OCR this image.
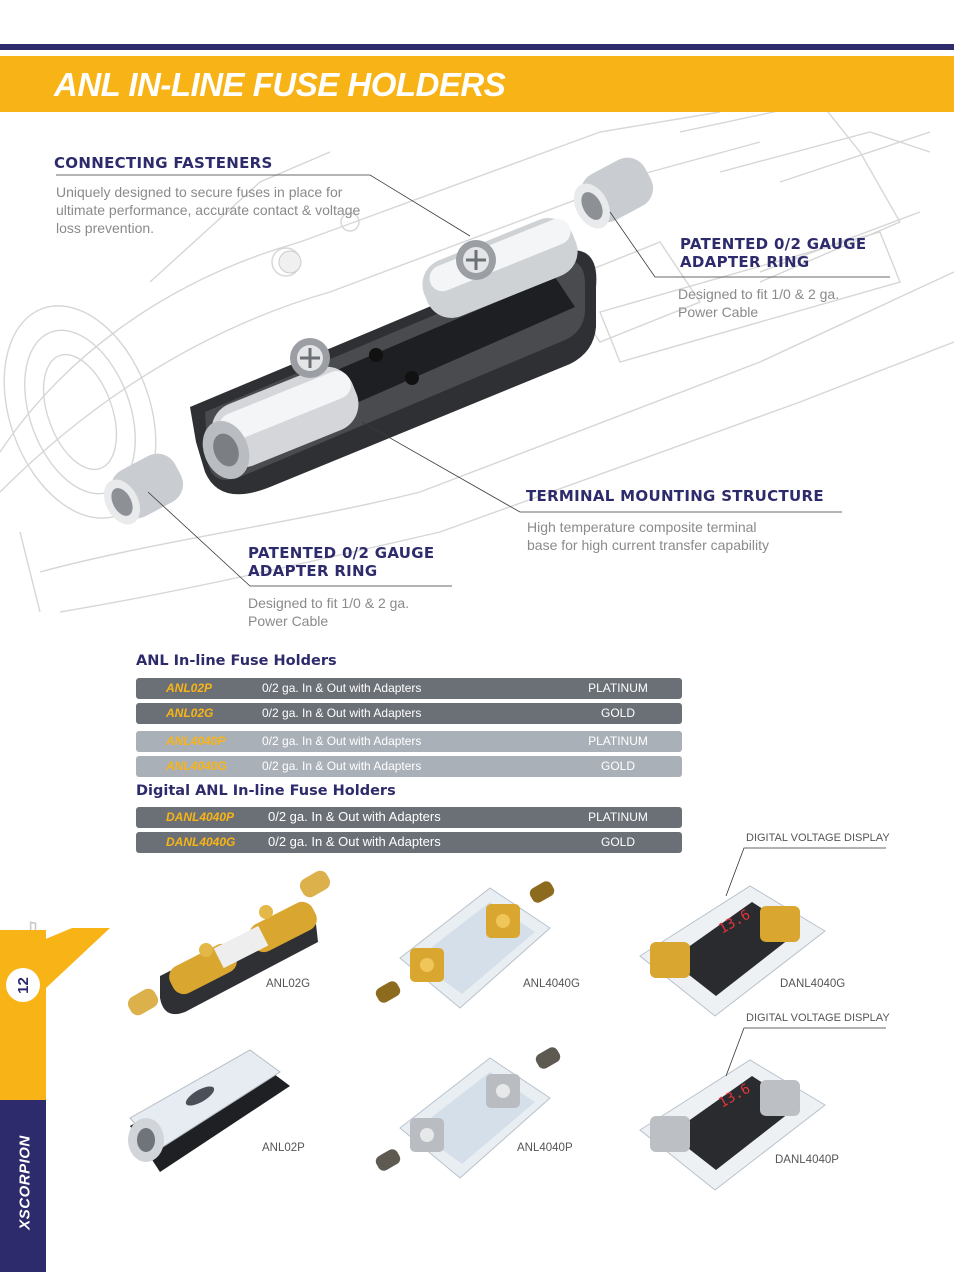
ANL IN-LINE FUSE HOLDERS
CONNECTING FASTENERS
Uniquely designed to secure fuses in place for
ultimate performance, accurate contact & voltage
loss prevention.
PATENTED 0/2 GAUGE
ADAPTER RING
Designed to fit 1/0 & 2 ga.
Power Cable
TERMINAL MOUNTING STRUCTURE
High temperature composite terminal
base for high current transfer capability
PATENTED 0/2 GAUGE
ADAPTER RING
Designed to fit 1/0 & 2 ga.
Power Cable
ANL In-line Fuse Holders
ANL02P	0/2 ga. In & Out with Adapters	PLATINUM
ANL02G	0/2 ga. In & Out with Adapters	GOLD
ANL4040P	0/2 ga. In & Out with Adapters	PLATINUM
ANL4040G	0/2 ga. In & Out with Adapters	GOLD
Digital ANL In-line Fuse Holders
DANL4040P	0/2 ga. In & Out with Adapters	PLATINUM
DANL4040G	0/2 ga. In & Out with Adapters	GOLD
12
XSCORPION
ANL02G	ANL4040G
13.6
DANL4040G
DIGITAL VOLTAGE DISPLAY
ANL02P	ANL4040P
13.6
DANL4040P
DIGITAL VOLTAGE DISPLAY
